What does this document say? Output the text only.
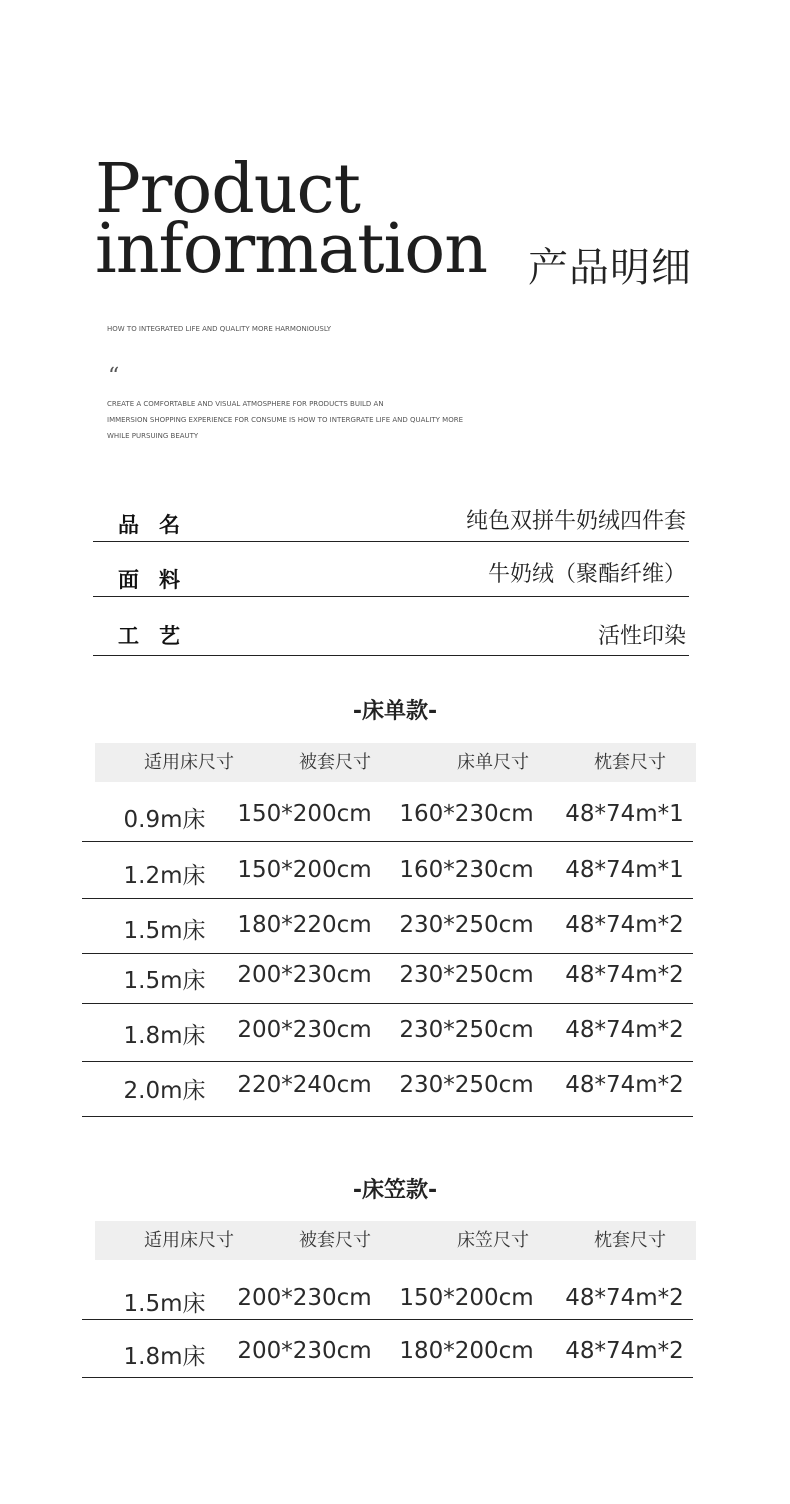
Product
information 产品明细
HOW TO INTEGRATED LIFE AND QUALITY MORE HARMONIOUSLY
“
CREATE A COMFORTABLE AND VISUAL ATMOSPHERE FOR PRODUCTS BUILD AN
IMMERSION SHOPPING EXPERIENCE FOR CONSUME IS HOW TO INTERGRATE LIFE AND QUALITY MORE
WHILE PURSUING BEAUTY
品名	纯色双拼牛奶绒四件套
面料	牛奶绒（聚酯纤维）
工艺	活性印染
-床单款-
适用床尺寸	被套尺寸	床单尺寸	枕套尺寸
0.9m床	150*200cm	160*230cm	48*74m*1
1.2m床	150*200cm	160*230cm	48*74m*1
1.5m床	180*220cm	230*250cm	48*74m*2
1.5m床	200*230cm	230*250cm	48*74m*2
1.8m床	200*230cm	230*250cm	48*74m*2
2.0m床	220*240cm	230*250cm	48*74m*2
-床笠款-
适用床尺寸	被套尺寸	床笠尺寸	枕套尺寸
1.5m床	200*230cm	150*200cm	48*74m*2
1.8m床	200*230cm	180*200cm	48*74m*2
